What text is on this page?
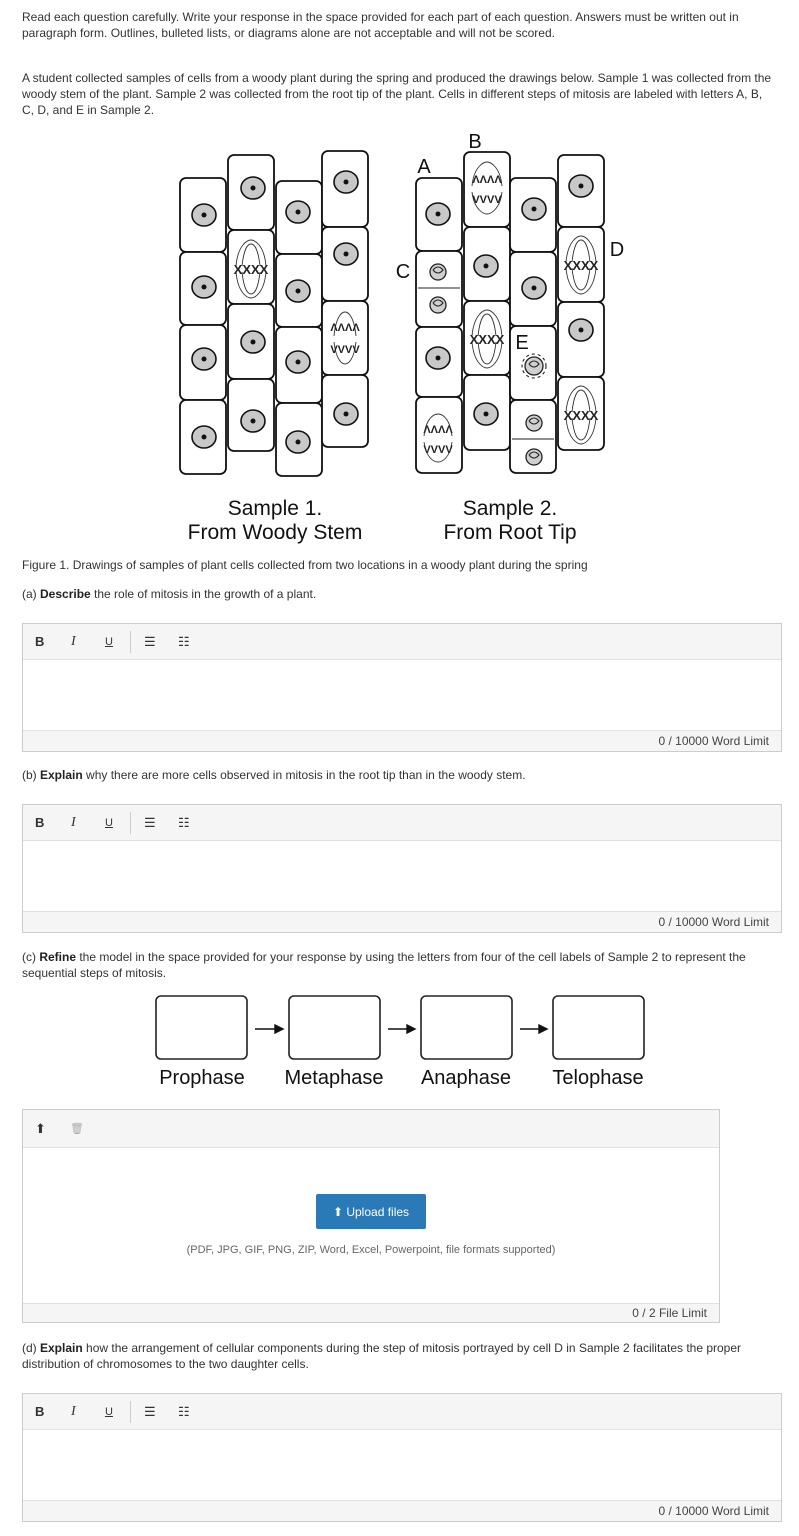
Read each question carefully. Write your response in the space provided for each part of each question. Answers must be written out in paragraph form. Outlines, bulleted lists, or diagrams alone are not acceptable and will not be scored.
A student collected samples of cells from a woody plant during the spring and produced the drawings below. Sample 1 was collected from the woody stem of the plant. Sample 2 was collected from the root tip of the plant. Cells in different steps of mitosis are labeled with letters A, B, C, D, and E in Sample 2.
XXXX
XXXX
XXXX
XXXX
ΛΛΛΛ
VVVV
ΛΛΛΛ
VVVV
ΛΛΛΛ
VVVV
A
B
C
D
E
Sample 1.
From Woody Stem
Sample 2.
From Root Tip
Figure 1. Drawings of samples of plant cells collected from two locations in a woody plant during the spring
(a) Describe the role of mitosis in the growth of a plant.
B I	U ☰ ☷
0 / 10000 Word Limit
(b) Explain why there are more cells observed in mitosis in the root tip than in the woody stem.
B I	U ☰ ☷
0 / 10000 Word Limit
(c) Refine the model in the space provided for your response by using the letters from four of the cell labels of Sample 2 to represent the sequential steps of mitosis.
Prophase Metaphase Anaphase Telophase
⬆ 🗑
⬆ Upload files
(PDF, JPG, GIF, PNG, ZIP, Word, Excel, Powerpoint, file formats supported)
0 / 2 File Limit
(d) Explain how the arrangement of cellular components during the step of mitosis portrayed by cell D in Sample 2 facilitates the proper distribution of chromosomes to the two daughter cells.
B I	U ☰ ☷
0 / 10000 Word Limit
